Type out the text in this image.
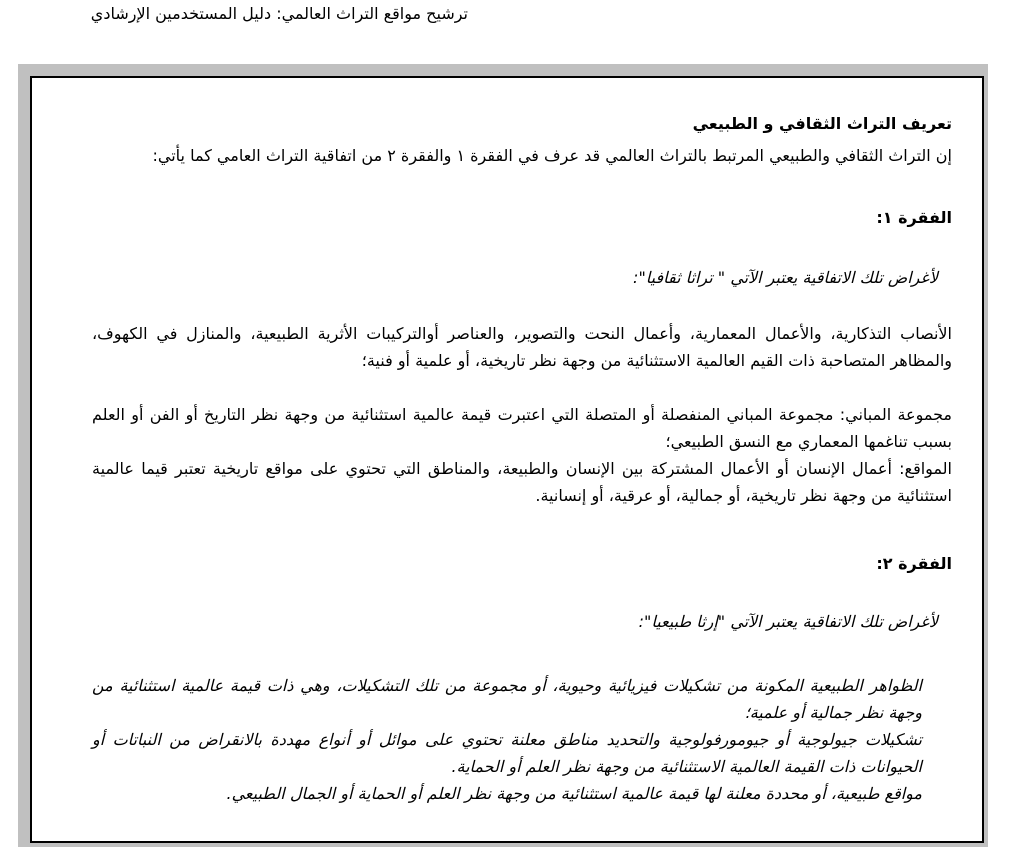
ترشيح مواقع التراث العالمي: دليل المستخدمين الإرشادي
تعريف التراث الثقافي و الطبيعي
إن التراث الثقافي والطبيعي المرتبط بالتراث العالمي قد عرف في الفقرة ١ والفقرة ٢ من اتفاقية التراث العامي كما يأتي:
الفقرة ١:
لأغراض تلك الاتفاقية يعتبر الآتي " تراثا ثقافيا":
الأنصاب التذكارية، والأعمال المعمارية، وأعمال النحت والتصوير، والعناصر أوالتركيبات الأثرية الطبيعية، والمنازل في الكهوف، والمظاهر المتصاحبة ذات القيم العالمية الاستثنائية من وجهة نظر تاريخية، أو علمية أو فنية؛
مجموعة المباني: مجموعة المباني المنفصلة أو المتصلة التي اعتبرت قيمة عالمية استثنائية من وجهة نظر التاريخ أو الفن أو العلم بسبب تناغمها المعماري مع النسق الطبيعي؛
المواقع: أعمال الإنسان أو الأعمال المشتركة بين الإنسان والطبيعة، والمناطق التي تحتوي على مواقع تاريخية تعتبر قيما عالمية استثنائية من وجهة نظر تاريخية، أو جمالية، أو عرقية، أو إنسانية.
الفقرة ٢:
لأغراض تلك الاتفاقية يعتبر الآتي "إرثا طبيعيا":
الظواهر الطبيعية المكونة من تشكيلات فيزيائية وحيوية، أو مجموعة من تلك التشكيلات، وهي ذات قيمة عالمية استثنائية من وجهة نظر جمالية أو علمية؛
تشكيلات جيولوجية أو جيومورفولوجية والتحديد مناطق معلنة تحتوي على موائل أو أنواع مهددة بالانقراض من النباتات أو الحيوانات ذات القيمة العالمية الاستثنائية من وجهة نظر العلم أو الحماية.
مواقع طبيعية، أو محددة معلنة لها قيمة عالمية استثنائية من وجهة نظر العلم أو الحماية أو الجمال الطبيعي.
